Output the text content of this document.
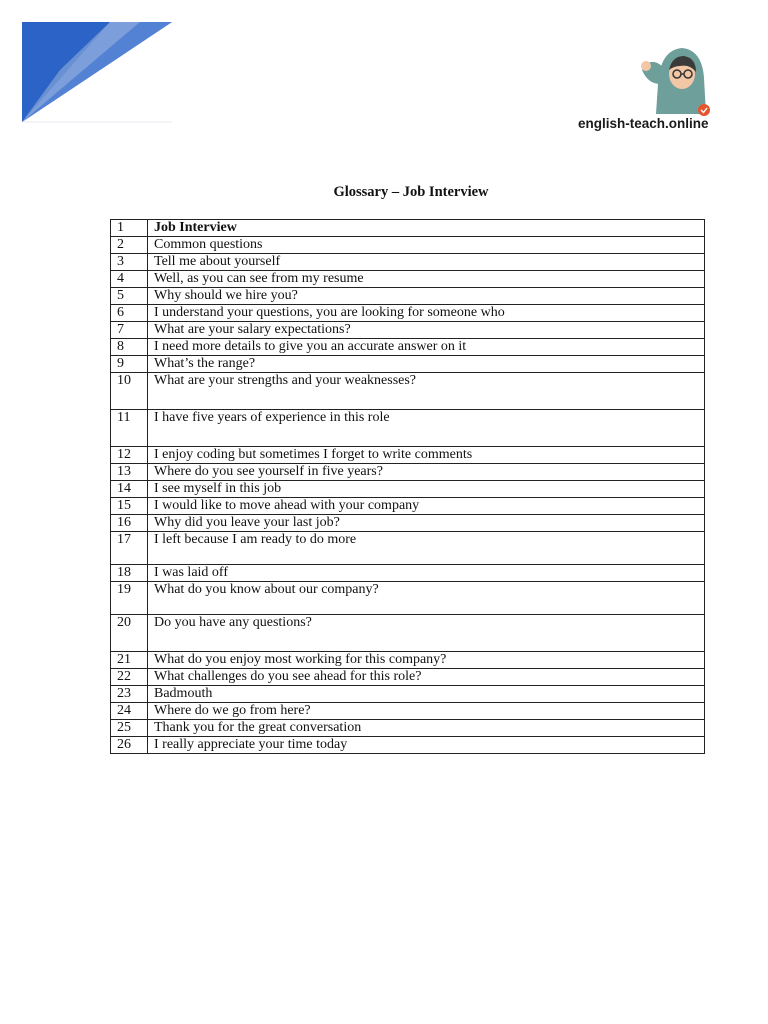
english-teach.online
Glossary – Job Interview
1	Job Interview
2	Common questions
3	Tell me about yourself
4	Well, as you can see from my resume
5	Why should we hire you?
6	I understand your questions, you are looking for someone who
7	What are your salary expectations?
8	I need more details to give you an accurate answer on it
9	What’s the range?
10	What are your strengths and your weaknesses?
11	I have five years of experience in this role
12	I enjoy coding but sometimes I forget to write comments
13	Where do you see yourself in five years?
14	I see myself in this job
15	I would like to move ahead with your company
16	Why did you leave your last job?
17	I left because I am ready to do more
18	I was laid off
19	What do you know about our company?
20	Do you have any questions?
21	What do you enjoy most working for this company?
22	What challenges do you see ahead for this role?
23	Badmouth
24	Where do we go from here?
25	Thank you for the great conversation
26	I really appreciate your time today
